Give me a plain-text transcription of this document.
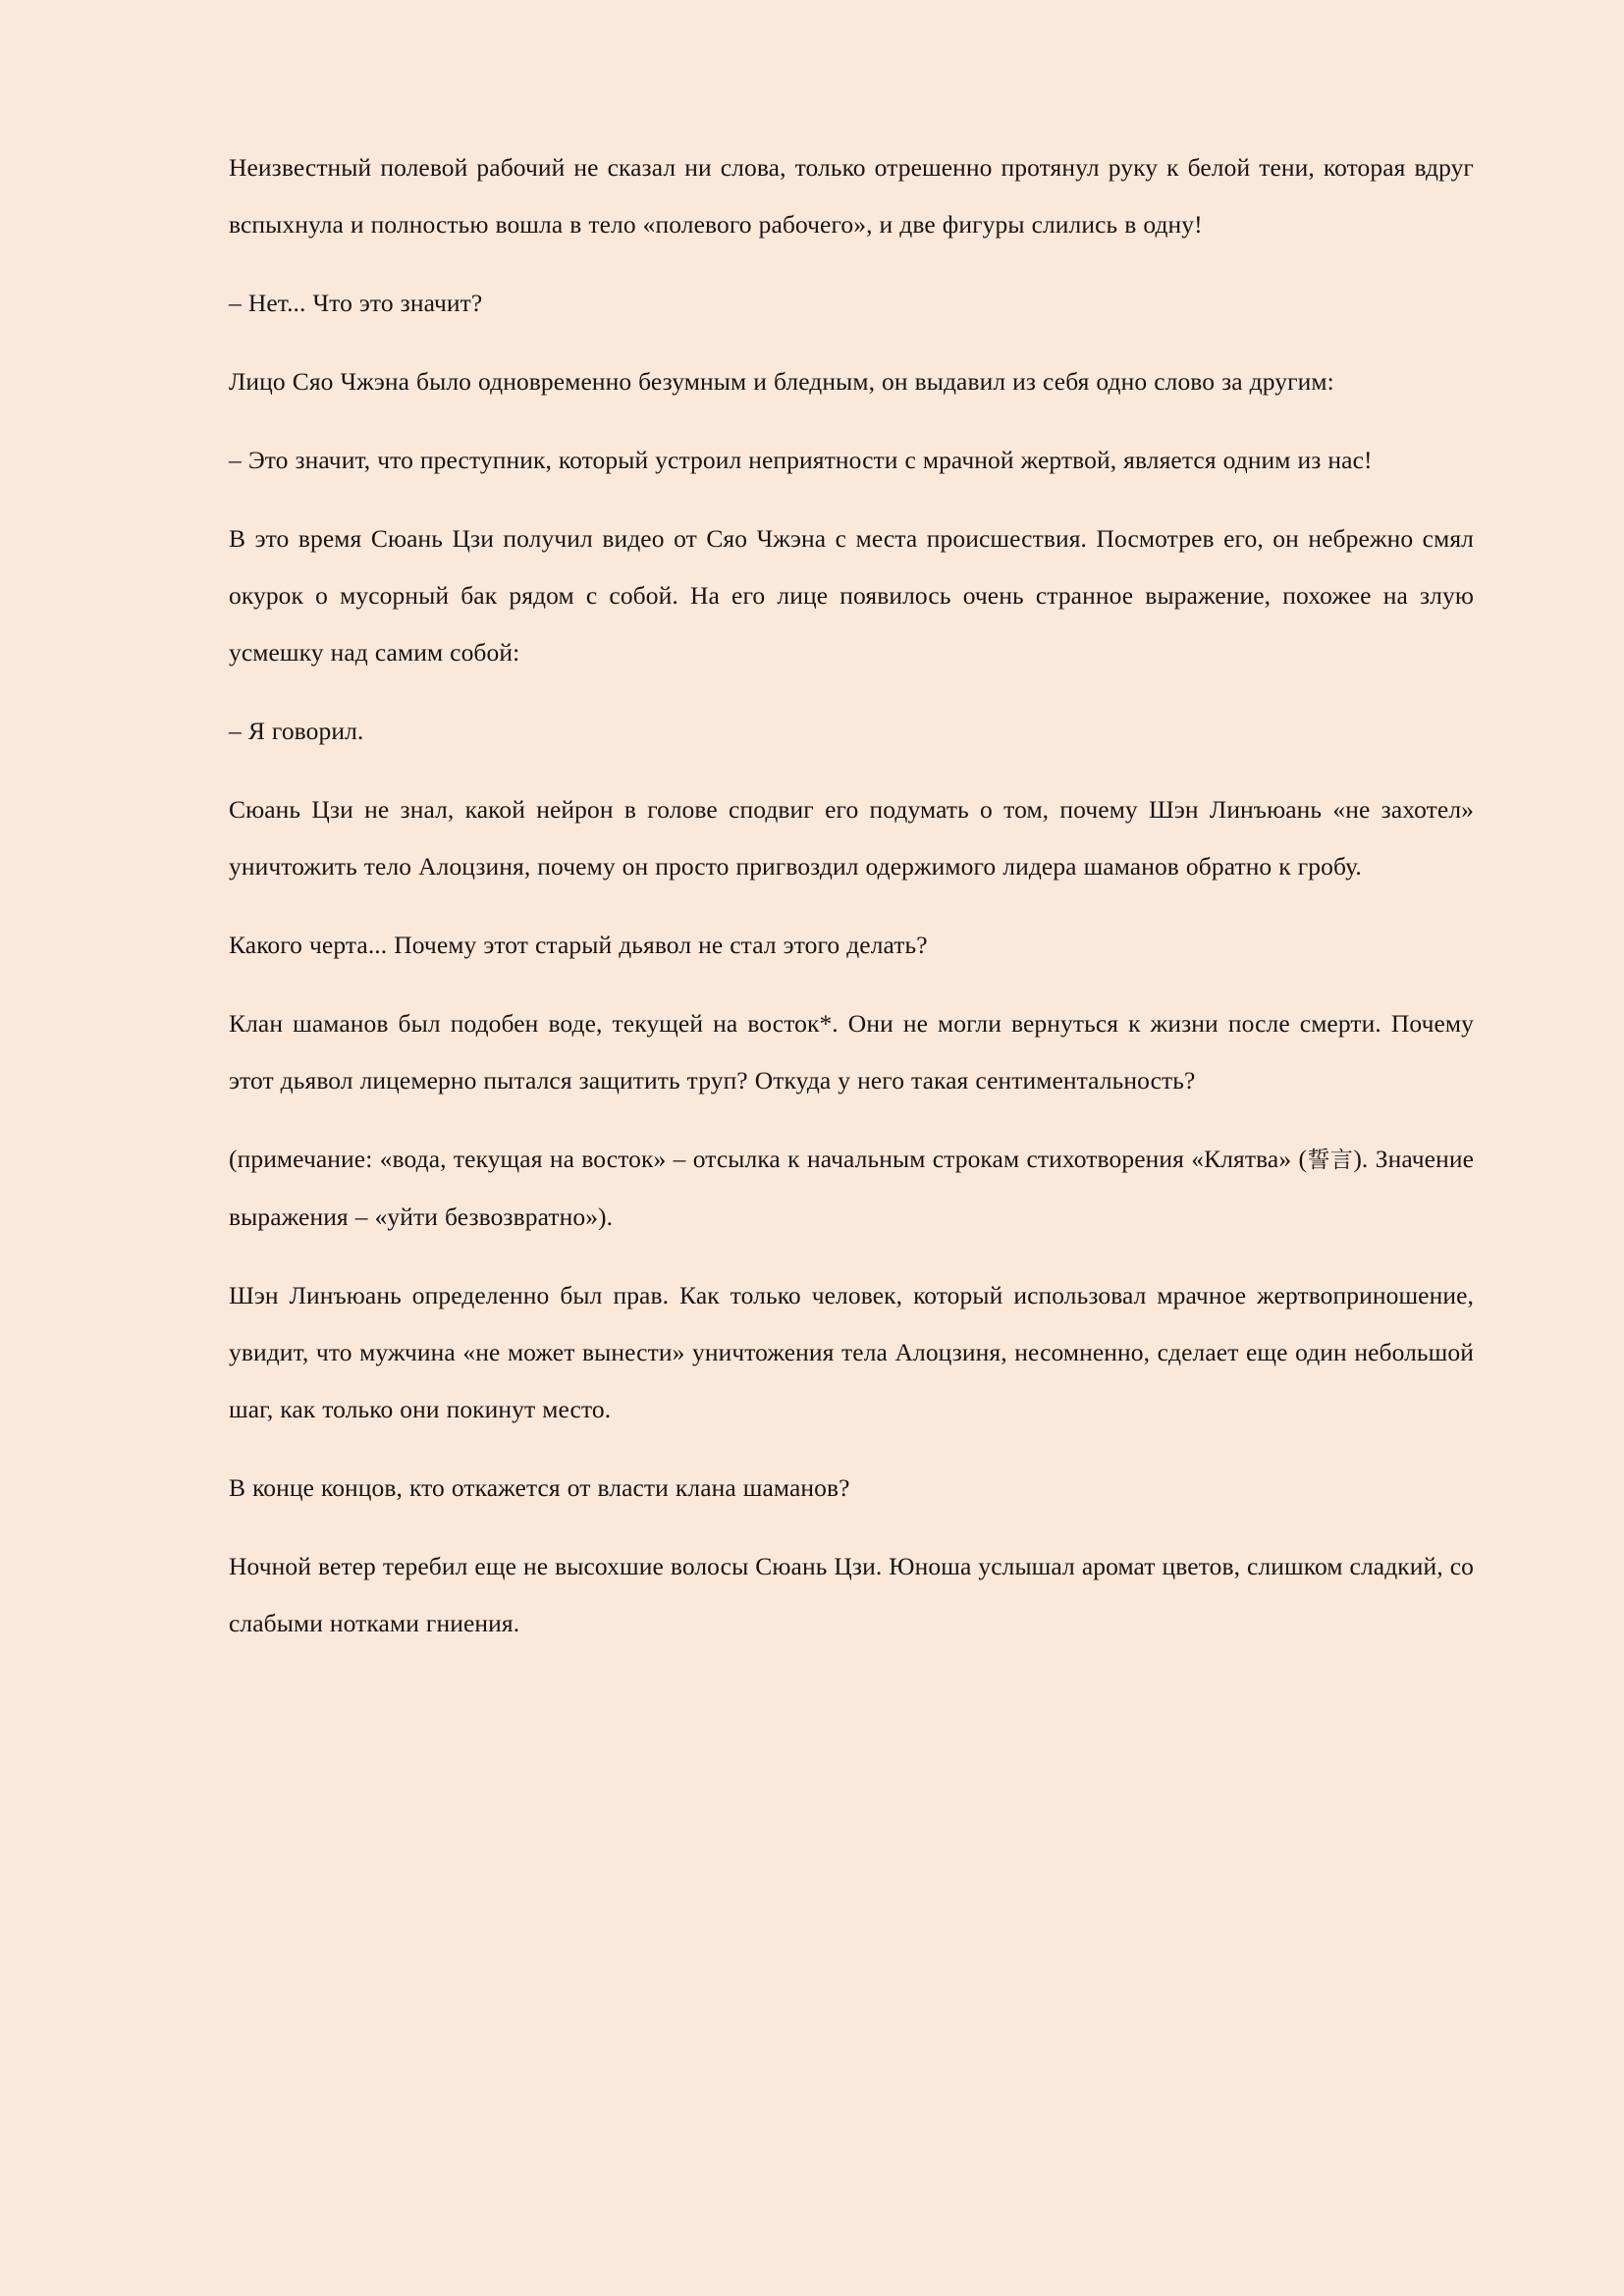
Неизвестный полевой рабочий не сказал ни слова, только отрешенно протянул руку к белой тени, которая вдруг вспыхнула и полностью вошла в тело «полевого рабочего», и две фигуры слились в одну!

– Нет... Что это значит?

Лицо Сяо Чжэна было одновременно безумным и бледным, он выдавил из себя одно слово за другим:

– Это значит, что преступник, который устроил неприятности с мрачной жертвой, является одним из нас!

В это время Сюань Цзи получил видео от Сяо Чжэна с места происшествия. Посмотрев его, он небрежно смял окурок о мусорный бак рядом с собой. На его лице появилось очень странное выражение, похожее на злую усмешку над самим собой:

– Я говорил.

Сюань Цзи не знал, какой нейрон в голове сподвиг его подумать о том, почему Шэн Линъюань «не захотел» уничтожить тело Алоцзиня, почему он просто пригвоздил одержимого лидера шаманов обратно к гробу.

Какого черта... Почему этот старый дьявол не стал этого делать?

Клан шаманов был подобен воде, текущей на восток*. Они не могли вернуться к жизни после смерти. Почему этот дьявол лицемерно пытался защитить труп? Откуда у него такая сентиментальность?

(примечание: «вода, текущая на восток» – отсылка к начальным строкам стихотворения «Клятва» (誓言). Значение выражения – «уйти безвозвратно»).

Шэн Линъюань определенно был прав. Как только человек, который использовал мрачное жертвоприношение, увидит, что мужчина «не может вынести» уничтожения тела Алоцзиня, несомненно, сделает еще один небольшой шаг, как только они покинут место.

В конце концов, кто откажется от власти клана шаманов?

Ночной ветер теребил еще не высохшие волосы Сюань Цзи. Юноша услышал аромат цветов, слишком сладкий, со слабыми нотками гниения.
